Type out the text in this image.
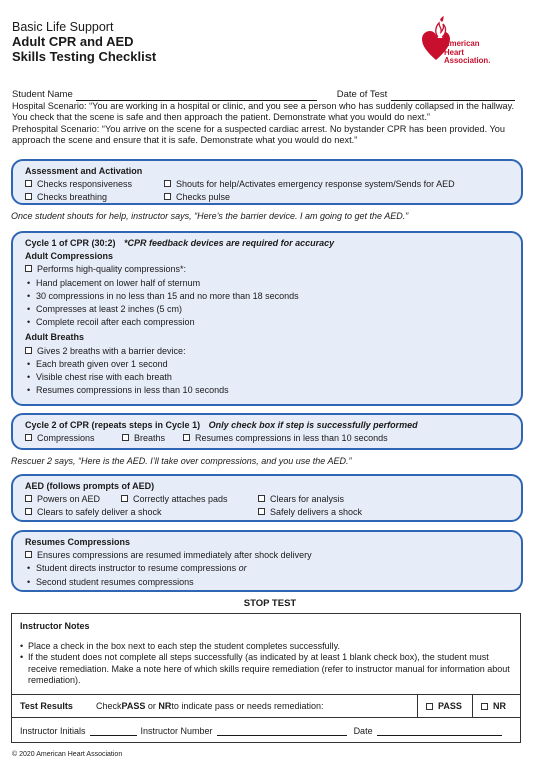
Basic Life Support
Adult CPR and AED
Skills Testing Checklist
American
Heart
Association.
Student Name	Date of Test
Hospital Scenario: “You are working in a hospital or clinic, and you see a person who has suddenly collapsed in the hallway. You check that the scene is safe and then approach the patient. Demonstrate what you would do next.”
Prehospital Scenario: “You arrive on the scene for a suspected cardiac arrest. No bystander CPR has been provided. You approach the scene and ensure that it is safe. Demonstrate what you would do next.”
Assessment and Activation
Checks responsiveness	Shouts for help/Activates emergency response system/Sends for AED
Checks breathing	Checks pulse
Once student shouts for help, instructor says, “Here’s the barrier device. I am going to get the AED.”
Cycle 1 of CPR (30:2) *CPR feedback devices are required for accuracy
Adult Compressions
Performs high-quality compressions*:
• Hand placement on lower half of sternum
• 30 compressions in no less than 15 and no more than 18 seconds
• Compresses at least 2 inches (5 cm)
• Complete recoil after each compression
Adult Breaths
Gives 2 breaths with a barrier device:
• Each breath given over 1 second
• Visible chest rise with each breath
• Resumes compressions in less than 10 seconds
Cycle 2 of CPR (repeats steps in Cycle 1) Only check box if step is successfully performed
Compressions	Breaths	Resumes compressions in less than 10 seconds
Rescuer 2 says, “Here is the AED. I’ll take over compressions, and you use the AED.”
AED (follows prompts of AED)
Powers on AED	Correctly attaches pads	Clears for analysis
Clears to safely deliver a shock	Safely delivers a shock
Resumes Compressions
Ensures compressions are resumed immediately after shock delivery
• Student directs instructor to resume compressions or
• Second student resumes compressions
STOP TEST
Instructor Notes
• Place a check in the box next to each step the student completes successfully.
• If the student does not complete all steps successfully (as indicated by at least 1 blank check box), the student must receive remediation. Make a note here of which skills require remediation (refer to instructor manual for information about remediation).
Test Results	Check PASS or NR to indicate pass or needs remediation:	PASS	NR
Instructor Initials	Instructor Number	Date
© 2020 American Heart Association
